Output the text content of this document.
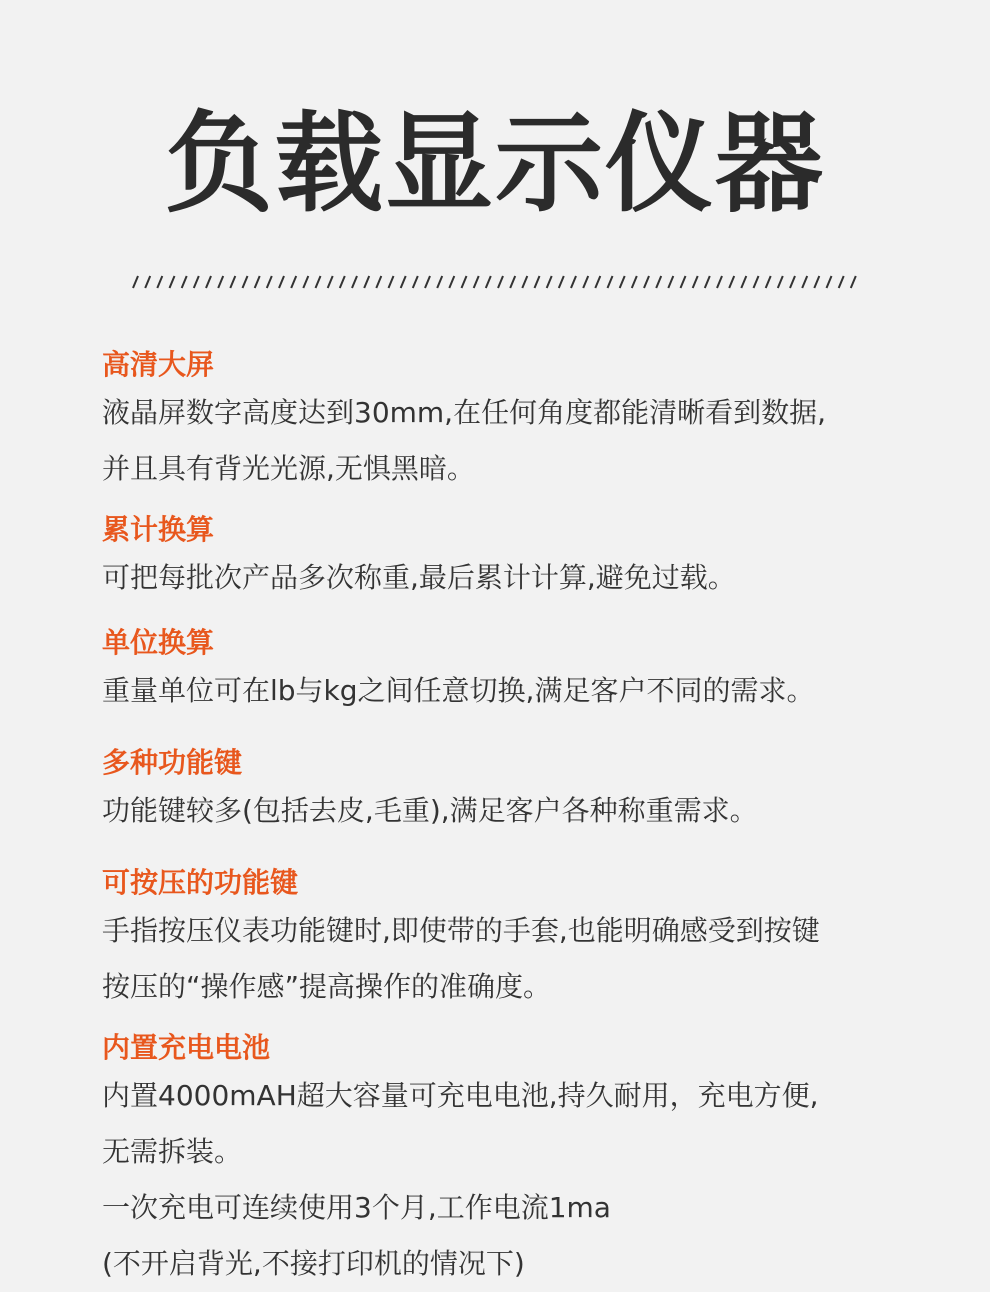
负载显示仪器
高清大屏
液晶屏数字高度达到30mm,在任何角度都能清晰看到数据,
并且具有背光光源,无惧黑暗。
累计换算
可把每批次产品多次称重,最后累计计算,避免过载。
单位换算
重量单位可在lb与kg之间任意切换,满足客户不同的需求。
多种功能键
功能键较多(包括去皮,毛重),满足客户各种称重需求。
可按压的功能键
手指按压仪表功能键时,即使带的手套,也能明确感受到按键
按压的“操作感”提高操作的准确度。
内置充电电池
内置4000mAH超大容量可充电电池,持久耐用，充电方便,
无需拆装。
一次充电可连续使用3个月,工作电流1ma
(不开启背光,不接打印机的情况下)
